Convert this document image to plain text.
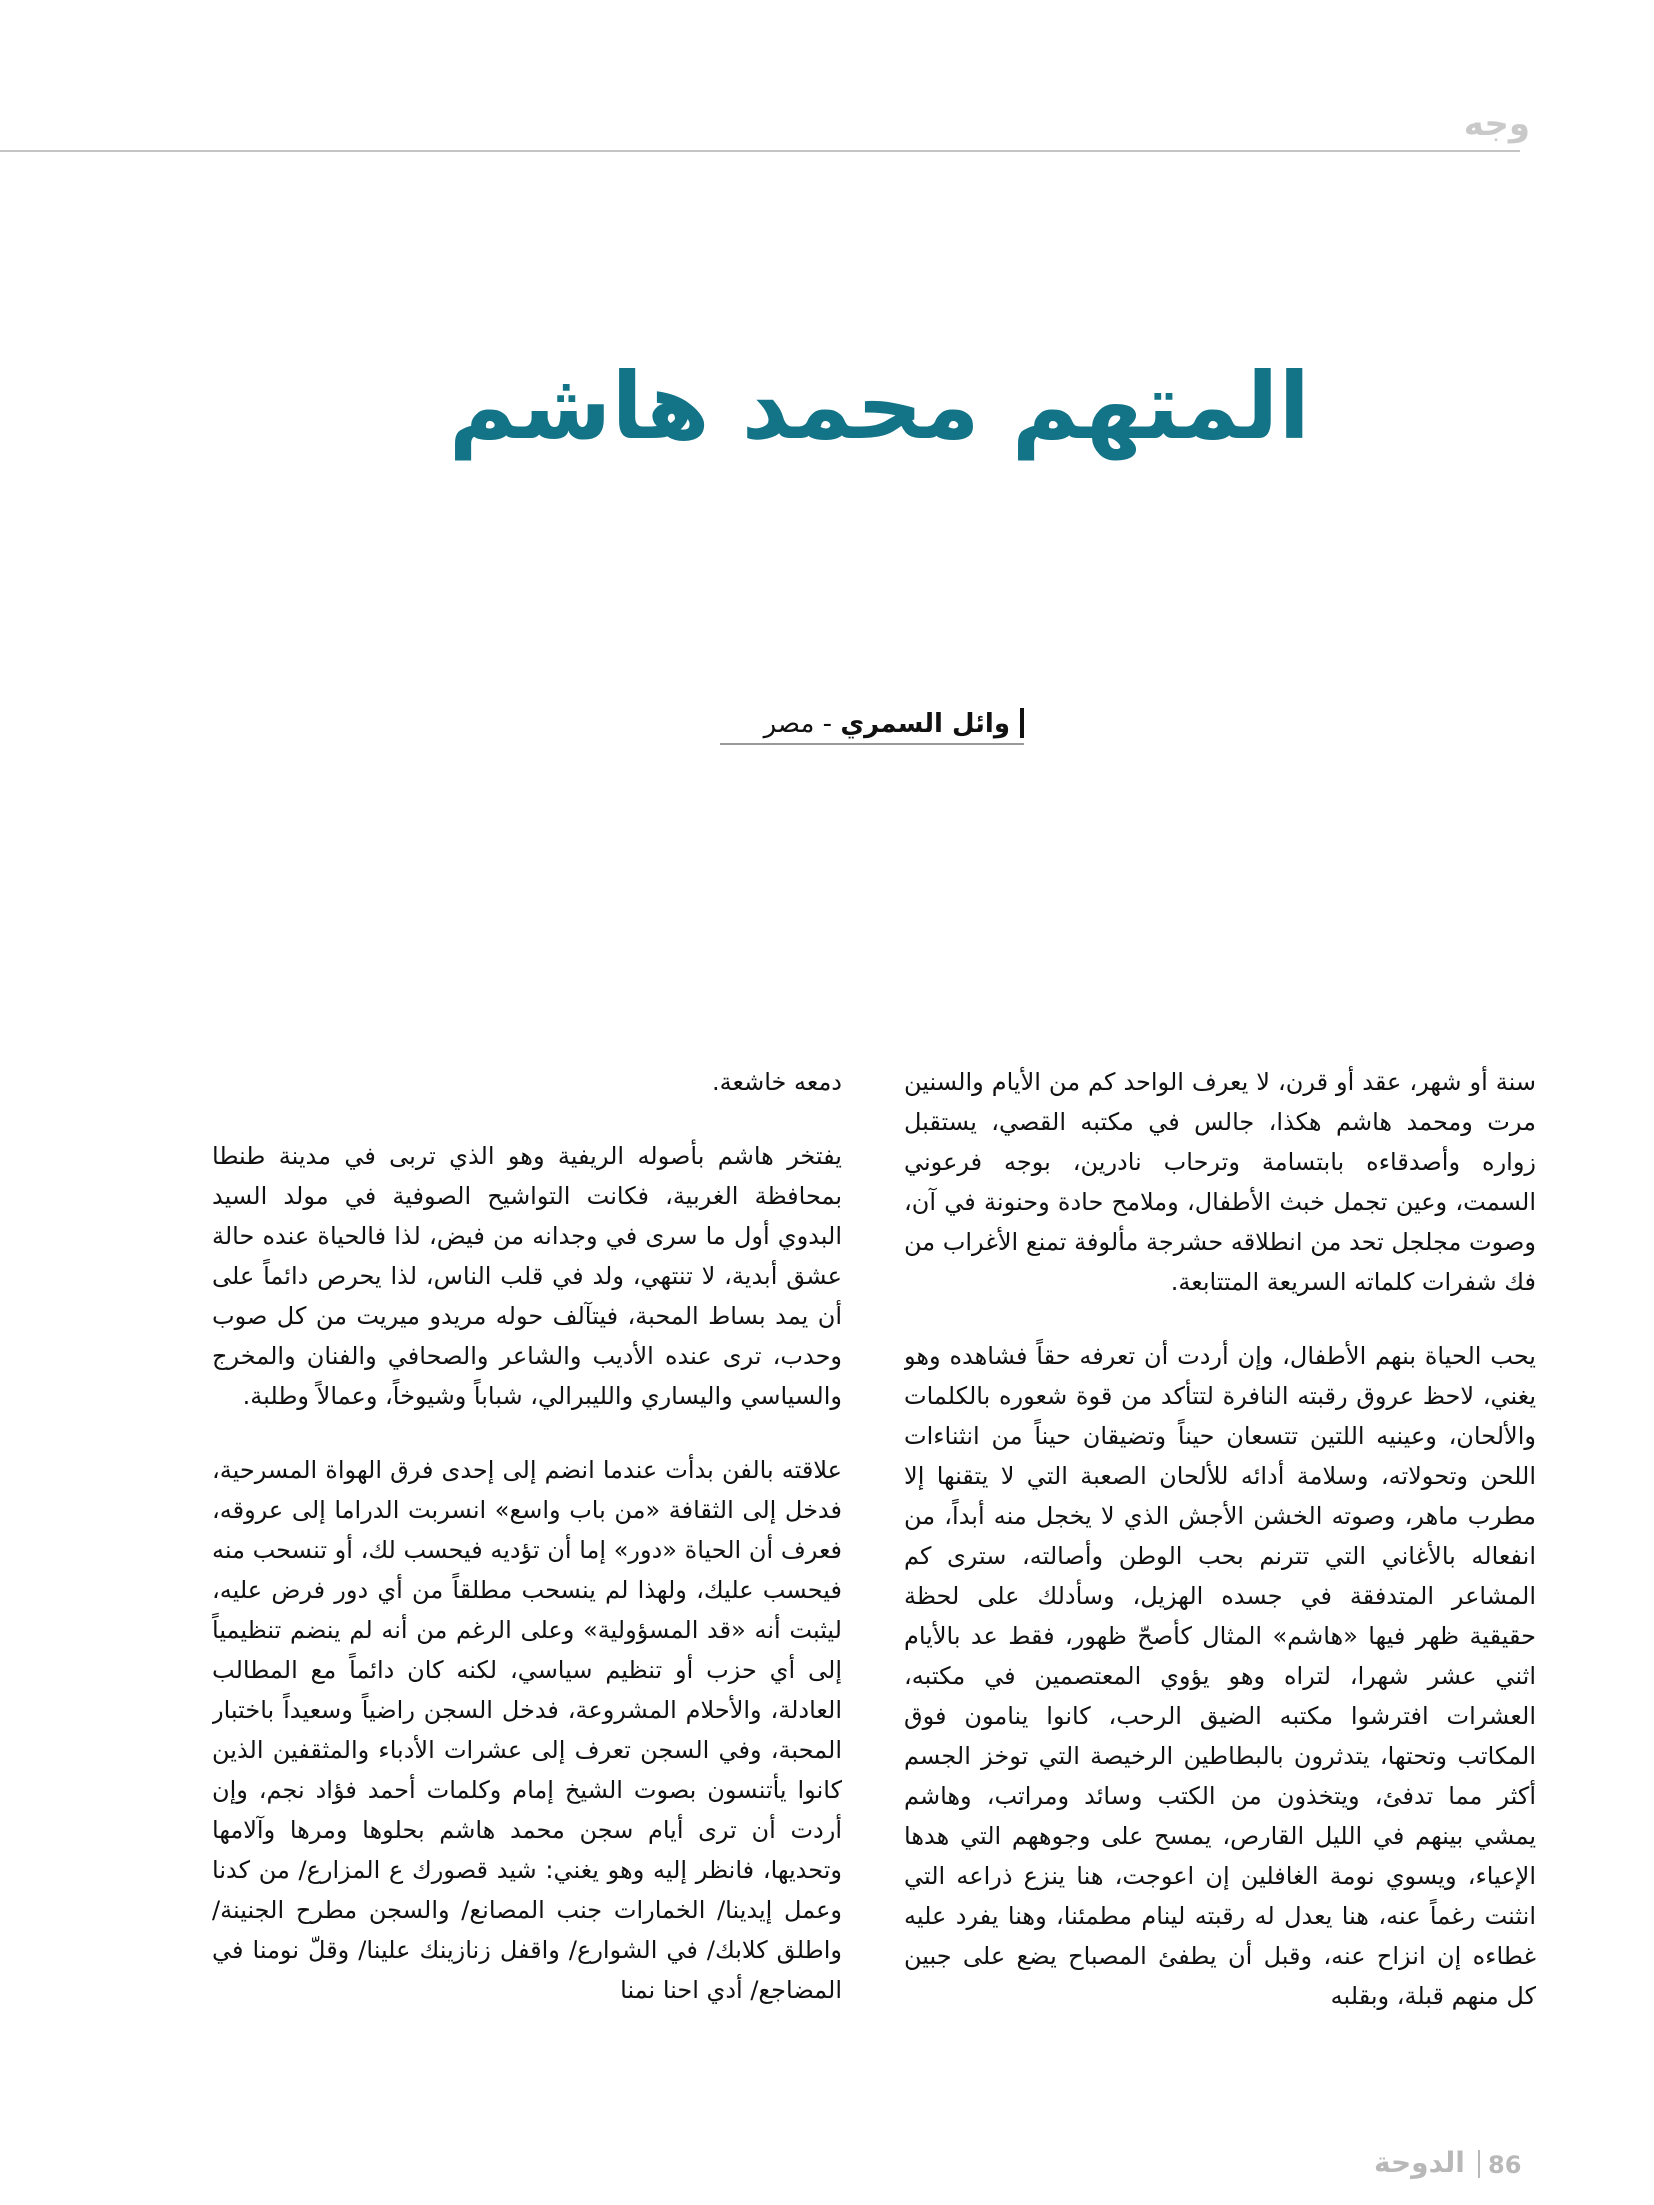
وجه
المتهم محمد هاشم
وائل السمري - مصر

سنة أو شهر، عقد أو قرن، لا يعرف الواحد كم من الأيام والسنين مرت ومحمد هاشم هكذا، جالس في مكتبه القصي، يستقبل زواره وأصدقاءه بابتسامة وترحاب نادرين، بوجه فرعوني السمت، وعين تجمل خبث الأطفال، وملامح حادة وحنونة في آن، وصوت مجلجل تحد من انطلاقه حشرجة مألوفة تمنع الأغراب من فك شفرات كلماته السريعة المتتابعة.

يحب الحياة بنهم الأطفال، وإن أردت أن تعرفه حقاً فشاهده وهو يغني، لاحظ عروق رقبته النافرة لتتأكد من قوة شعوره بالكلمات والألحان، وعينيه اللتين تتسعان حيناً وتضيقان حيناً من انثناءات اللحن وتحولاته، وسلامة أدائه للألحان الصعبة التي لا يتقنها إلا مطرب ماهر، وصوته الخشن الأجش الذي لا يخجل منه أبداً، من انفعاله بالأغاني التي تترنم بحب الوطن وأصالته، سترى كم المشاعر المتدفقة في جسده الهزيل، وسأدلك على لحظة حقيقية ظهر فيها «هاشم» المثال كأصحّ ظهور، فقط عد بالأيام اثني عشر شهرا، لتراه وهو يؤوي المعتصمين في مكتبه، العشرات افترشوا مكتبه الضيق الرحب، كانوا ينامون فوق المكاتب وتحتها، يتدثرون بالبطاطين الرخيصة التي توخز الجسم أكثر مما تدفئ، ويتخذون من الكتب وسائد ومراتب، وهاشم يمشي بينهم في الليل القارص، يمسح على وجوههم التي هدها الإعياء، ويسوي نومة الغافلين إن اعوجت، هنا ينزع ذراعه التي انثنت رغماً عنه، هنا يعدل له رقبته لينام مطمئنا، وهنا يفرد عليه غطاءه إن انزاح عنه، وقبل أن يطفئ المصباح يضع على جبين كل منهم قبلة، وبقلبه

دمعه خاشعة.

يفتخر هاشم بأصوله الريفية وهو الذي تربى في مدينة طنطا بمحافظة الغربية، فكانت التواشيح الصوفية في مولد السيد البدوي أول ما سرى في وجدانه من فيض، لذا فالحياة عنده حالة عشق أبدية، لا تنتهي، ولد في قلب الناس، لذا يحرص دائماً على أن يمد بساط المحبة، فيتآلف حوله مريدو ميريت من كل صوب وحدب، ترى عنده الأديب والشاعر والصحافي والفنان والمخرج والسياسي واليساري والليبرالي، شباباً وشيوخاً، وعمالاً وطلبة.

علاقته بالفن بدأت عندما انضم إلى إحدى فرق الهواة المسرحية، فدخل إلى الثقافة «من باب واسع» انسربت الدراما إلى عروقه، فعرف أن الحياة «دور» إما أن تؤديه فيحسب لك، أو تنسحب منه فيحسب عليك، ولهذا لم ينسحب مطلقاً من أي دور فرض عليه، ليثبت أنه «قد المسؤولية» وعلى الرغم من أنه لم ينضم تنظيمياً إلى أي حزب أو تنظيم سياسي، لكنه كان دائماً مع المطالب العادلة، والأحلام المشروعة، فدخل السجن راضياً وسعيداً باختبار المحبة، وفي السجن تعرف إلى عشرات الأدباء والمثقفين الذين كانوا يأتنسون بصوت الشيخ إمام وكلمات أحمد فؤاد نجم، وإن أردت أن ترى أيام سجن محمد هاشم بحلوها ومرها وآلامها وتحديها، فانظر إليه وهو يغني: شيد قصورك ع المزارع/ من كدنا وعمل إيدينا/ الخمارات جنب المصانع/ والسجن مطرح الجنينة/ واطلق كلابك/ في الشوارع/ واقفل زنازينك علينا/ وقلّ نومنا في المضاجع/ أدي احنا نمنا

الدوحة 86
